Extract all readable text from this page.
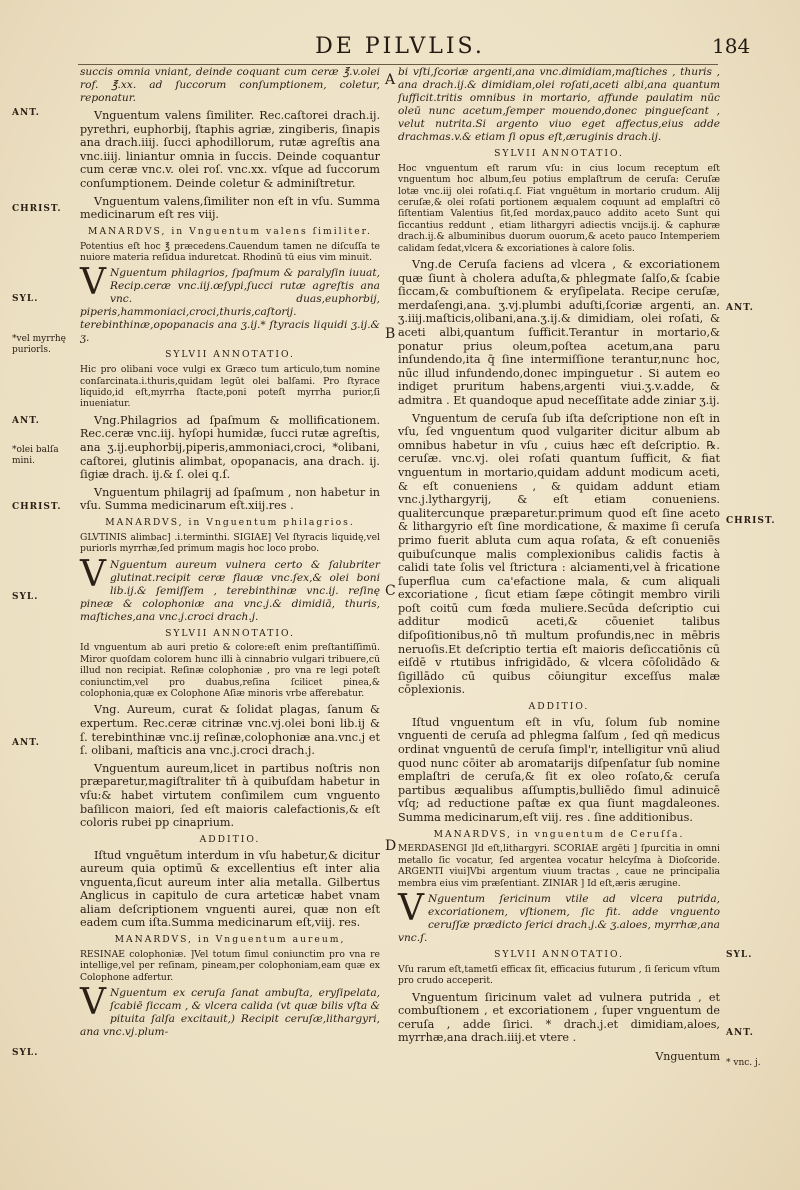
DE PILVLIS.	184
succis omnia vniant, deinde coquant cum ceræ ℥.v.olei rof. ℥.xx. ad ſuccorum conſumptionem, coletur, reponatur.
Vnguentum valens ſimiliter. Rec.caſtorei drach.ij. pyrethri, euphorbij, ſtaphis agriæ, zingiberis, ſinapis ana drach.iiij. ſucci aphodillorum, rutæ agreſtis ana vnc.iiij. liniantur omnia in ſuccis. Deinde coquantur cum ceræ vnc.v. olei roſ. vnc.xx. vſque ad ſuccorum conſumptionem. Deinde coletur & adminiſtretur.
Vnguentum valens,ſimiliter non eſt in vſu. Summa medicinarum eſt res viij.
MANARDVS, in Vnguentum valens ſimiliter.
Potentius eſt hoc ℥ præcedens.Cauendum tamen ne diſcuſſa te nuiore materia reſidua induretcat. Rhodinū tū eius vim minuit.
V Nguentum philagrios, ſpaſmum & paralyſin iuuat, Recip.ceræ vnc.iij.œſypi,ſucci rutæ agreſtis ana vnc. duas,euphorbij, piperis,hammoniaci,croci,thuris,caſtorij. terebinthinæ,opopanacis ana ʒ.ij.* ſtyracis liquidi ʒ.ij.& ʒ.
SYLVII ANNOTATIO.
Hic pro olibani voce vulgi ex Græco tum articulo,tum nomine conſarcinata.i.thuris,quidam legūt olei balſami. Pro ſtyrace liquido,id eſt,myrrha ſtacte,poni poteſt myrrha purior,ſi inueniatur.
Vng.Philagrios ad ſpaſmum & mollificationem. Rec.ceræ vnc.iij. hyſopi humidæ, ſucci rutæ agreſtis, ana ʒ.ij.euphorbij,piperis,ammoniaci,croci, *olibani, caſtorei, glutinis alimbat, opopanacis, ana drach. ij. ſigiæ drach. ij.& ſ. olei q.ſ.
Vnguentum philagrij ad ſpaſmum , non habetur in vſu. Summa medicinarum eſt.xiij.res .
MANARDVS, in Vnguentum philagrios.
GLVTINIS alimbac] .i.terminthi. SIGIAE] Vel ſtyracis liquidę,vel puriorls myrrhæ,ſed primum magis hoc loco probo.
V Nguentum aureum vulnera certo & ſalubriter glutinat.recipit ceræ flauæ vnc.ſex,& olei boni lib.ij.& ſemiſſem , terebinthinæ vnc.ij. reſinę pineæ & colophoniæ ana vnc.j.& dimidiā, thuris, maſtiches,ana vnc.j.croci drach.j.
SYLVII ANNOTATIO.
Id vnguentum ab auri pretio & colore:eſt enim preſtantiſſimū. Miror quoſdam colorem hunc illi à cinnabrio vulgari tribuere,cū illud non recipiat. Reſinæ colophoniæ , pro vna re legi poteſt coniunctim,vel pro duabus,reſina ſcilicet pinea,& colophonia,quæ ex Colophone Aſiæ minoris vrbe afferebatur.
Vng. Aureum, curat & ſolidat plagas, ſanum & expertum. Rec.ceræ citrinæ vnc.vj.olei boni lib.ij & ſ. terebinthinæ vnc.ij reſinæ,colophoniæ ana.vnc.j et ſ. olibani, maſticis ana vnc.j.croci drach.j.
Vnguentum aureum,licet in partibus noſtris non præparetur,magiſtraliter tñ à quibuſdam habetur in vſu:& habet virtutem conſimilem cum vnguento baſilicon maiori, ſed eſt maioris calefactionis,& eſt coloris rubei pp cinaprium.
ADDITIO.
Iſtud vnguētum interdum in vſu habetur,& dicitur aureum quia optimū & excellentius eſt inter alia vnguenta,ſicut aureum inter alia metalla. Gilbertus Anglicus in capitulo de cura arteticæ habet vnam aliam deſcriptionem vnguenti aurei, quæ non eſt eadem cum iſta.Summa medicinarum eſt,viij. res.
MANARDVS, in Vnguentum aureum,
RESINAE colophoniæ. ]Vel totum ſimul coniunctim pro vna re intellige,vel per reſinam, pineam,per colophoniam,eam quæ ex Colophone adfertur.
V Nguentum ex ceruſa ſanat ambuſta, eryſipelata, ſcabiē ſiccam , & vlcera calida (vt quæ bilis vſta & pituita ſalſa excitauit,) Recipit ceruſæ,lithargyri, ana vnc.vj.plum-
bi vſti,ſcoriæ argenti,ana vnc.dimidiam,maſtiches , thuris , ana drach.ij.& dimidiam,olei roſati,aceti albi,ana quantum ſufficit.tritis omnibus in mortario, affunde paulatim nūc oleū nunc acetum,ſemper mouendo,donec pingueſcant , velut nutrita.Si argento viuo eget affectus,eius adde drachmas.v.& etiam ſi opus eſt,æruginis drach.ij.
SYLVII ANNOTATIO.
Hoc vnguentum eſt rarum vſu: in cius locum receptum eſt vnguentum hoc album,ſeu potius emplaſtrum de ceruſa: Ceruſæ lotæ vnc.iij olei roſati.q.ſ. Fiat vnguētum in mortario crudum. Alij ceruſæ,& olei roſati portionem æqualem coquunt ad emplaſtri cō ſiſtentiam Valentius ſit,ſed mordax,pauco addito aceto Sunt qui ſiccantius reddunt , etiam lithargyri adiectis vncijs.ij. & caphuræ drach.ij.& albuminibus duorum ouorum,& aceto pauco Intemperiem calidam ſedat,vlcera & excoriationes à calore ſolis.
Vng.de Ceruſa faciens ad vlcera , & excoriationem quæ ſiunt à cholera aduſta,& phlegmate ſalſo,& ſcabie ſiccam,& combuſtionem & eryſipelata. Recipe ceruſæ, merdaſengi,ana. ʒ.vj.plumbi aduſti,ſcoriæ argenti, an. ʒ.iiij.maſticis,olibani,ana.ʒ.ij.& dimidiam, olei roſati, & aceti albi,quantum ſufficit.Terantur in mortario,& ponatur prius oleum,poſtea acetum,ana paru inſundendo,ita q̄ ſine intermiſſione terantur,nunc hoc, nūc illud infundendo,donec impinguetur . Si autem eo indiget pruritum habens,argenti viui.ʒ.v.adde, & admitra . Et quandoque apud neceſſitate adde ziniar ʒ.ij.
Vnguentum de ceruſa ſub iſta deſcriptione non eſt in vſu, ſed vnguentum quod vulgariter dicitur album ab omnibus habetur in vſu , cuius hæc eſt deſcriptio. ℞. ceruſæ. vnc.vj. olei roſati quantum ſufficit, & fiat vnguentum in mortario,quidam addunt modicum aceti, & eſt conueniens , & quidam addunt etiam vnc.j.lythargyrij, & eſt etiam conueniens. qualitercunque præparetur.primum quod eſt ſine aceto & lithargyrio eſt ſine mordicatione, & maxime ſi ceruſa primo fuerit abluta cum aqua roſata, & eſt conueniēs quibuſcunque malis complexionibus calidis factis à calidi tate ſolis vel ſtrictura : alciamenti,vel à fricatione ſuperflua cum ca'efactione mala, & cum aliquali excoriatione , ſicut etiam ſæpe cōtingit membro virili poſt coitū cum fœda muliere.Secūda deſcriptio cui additur modicū aceti,& cōueniet talibus diſpoſitionibus,nō tñ multum profundis,nec in mēbris neruoſis.Et deſcriptio tertia eſt maioris deſiccatiōnis cū eiſdē v rtutibus infrigidādo, & vlcera cōſolidādo & ſigillādo cū quibus cōiungitur exceſſus malæ cōplexionis.
ADDITIO.
Iſtud vnguentum eſt in vſu, ſolum ſub nomine vnguenti de ceruſa ad phlegma ſalſum , ſed qñ medicus ordinat vnguentū de ceruſa ſimpl'r, intelligitur vnū aliud quod nunc cōiter ab aromatarijs diſpenſatur ſub nomine emplaſtri de ceruſa,& ſit ex oleo roſato,& ceruſa partibus æqualibus aſſumptis,bulliēdo ſimul adinuicē vſq; ad reductione paſtæ ex qua ſiunt magdaleones. Summa medicinarum,eſt viij. res . ſine additionibus.
MANARDVS, in vnguentum de Ceruſſa.
MERDASENGI ]Id eſt,lithargyri. SCORIAE argēti ] ſpurcitia in omni metallo ſic vocatur, ſed argentea vocatur helcyſma à Dioſcoride. ARGENTI viui]Vbi argentum viuum tractas , caue ne principalia membra eius vim præſentiant. ZINIAR ] Id eſt,æris ærugine.
V Nguentum ſericinum vtile ad vlcera putrida, excoriationem, vſtionem, ſic fit. adde vnguento ceruſſæ prædicto ſerici drach.j.& ʒ.aloes, myrrhæ,ana vnc.ſ.
SYLVII ANNOTATIO.
Vſu rarum eſt,tametſi efficax ſit, efficacius futurum , ſi ſericum vſtum pro crudo acceperit.
Vnguentum ſiricinum valet ad vulnera putrida , et combuſtionem , et excoriationem , ſuper vnguentum de ceruſa , adde ſirici. * drach.j.et dimidiam,aloes, myrrhæ,ana drach.iiij.et vtere .
Vnguentum
ANT.
CHRIST.
SYL.
*vel myrrhę puriorls.
ANT.
*olei balſa mini.
CHRIST.
SYL.
ANT.
SYL.
ANT.
CHRIST.
SYL.
ANT.
* vnc. j.
A
B
C
D
